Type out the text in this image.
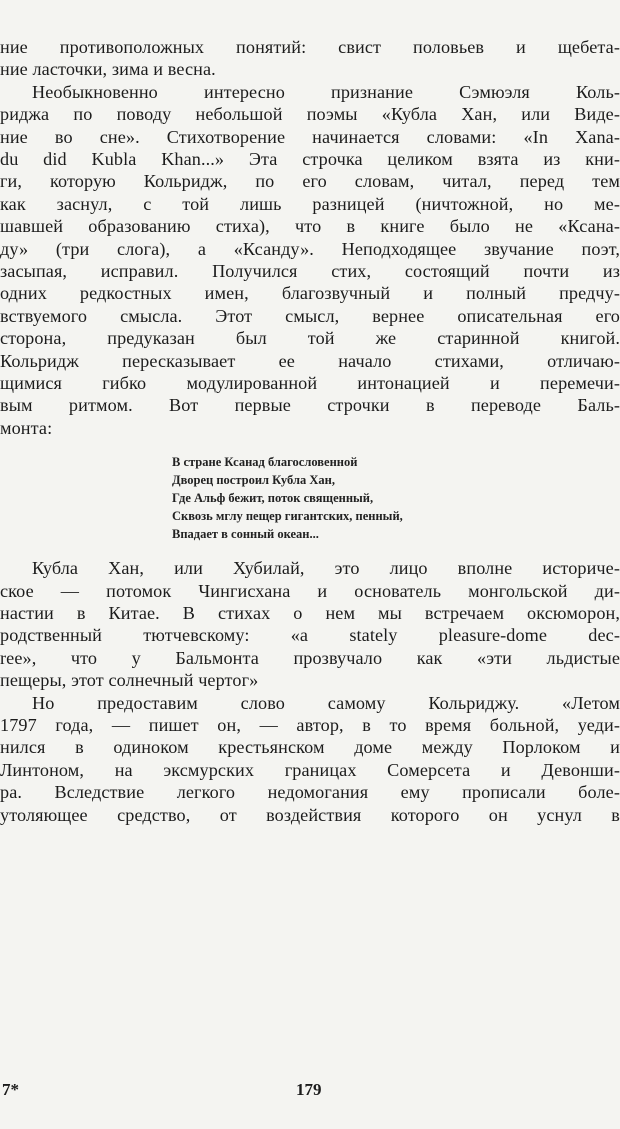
ние противоположных понятий: свист половьев и щебета-
ние ласточки, зима и весна.
Необыкновенно интересно признание Сэмюэля Коль-
риджа по поводу небольшой поэмы «Кубла Хан, или Виде-
ние во сне». Стихотворение начинается словами: «In Xana-
du did Kubla Khan...» Эта строчка целиком взята из кни-
ги, которую Кольридж, по его словам, читал, перед тем
как заснул, с той лишь разницей (ничтожной, но ме-
шавшей образованию стиха), что в книге было не «Ксана-
ду» (три слога), а «Ксанду». Неподходящее звучание поэт,
засыпая, исправил. Получился стих, состоящий почти из
одних редкостных имен, благозвучный и полный предчу-
вствуемого смысла. Этот смысл, вернее описательная его
сторона, предуказан был той же старинной книгой.
Кольридж пересказывает ее начало стихами, отличаю-
щимися гибко модулированной интонацией и перемечи-
вым ритмом. Вот первые строчки в переводе Баль-
монта:
В стране Ксанад благословенной
Дворец построил Кубла Хан,
Где Альф бежит, поток священный,
Сквозь мглу пещер гигантских, пенный,
Впадает в сонный океан...
Кубла Хан, или Хубилай, это лицо вполне историче-
ское — потомок Чингисхана и основатель монгольской ди-
настии в Китае. В стихах о нем мы встречаем оксюморон,
родственный тютчевскому: «a stately pleasure-dome dec-
ree», что у Бальмонта прозвучало как «эти льдистые
пещеры, этот солнечный чертог»
Но предоставим слово самому Кольриджу. «Летом
1797 года, — пишет он, — автор, в то время больной, уеди-
нился в одиноком крестьянском доме между Порлоком и
Линтоном, на эксмурских границах Сомерсета и Девонши-
ра. Вследствие легкого недомогания ему прописали боле-
утоляющее средство, от воздействия которого он уснул в
7*	179
